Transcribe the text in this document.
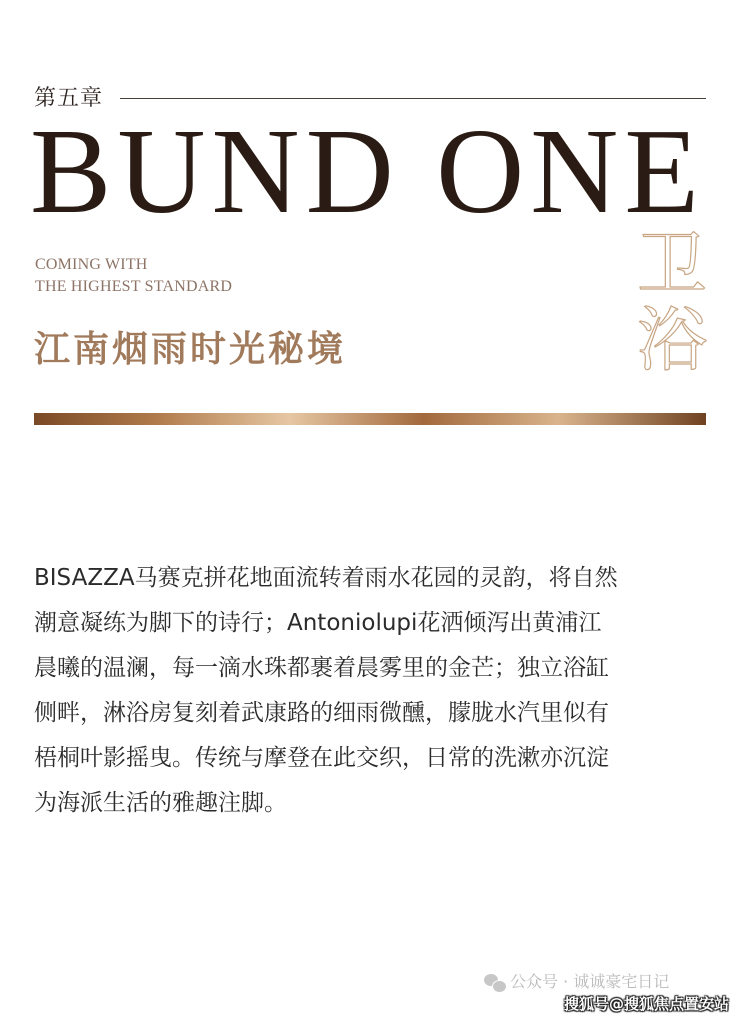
第五章
BUND ONE
COMING WITH
THE HIGHEST STANDARD
江南烟雨时光秘境
卫
浴
BISAZZA马赛克拼花地面流转着雨水花园的灵韵，将自然
潮意凝练为脚下的诗行；Antoniolupi花洒倾泻出黄浦江
晨曦的温澜，每一滴水珠都裹着晨雾里的金芒；独立浴缸
侧畔，淋浴房复刻着武康路的细雨微醺，朦胧水汽里似有
梧桐叶影摇曳。传统与摩登在此交织，日常的洗漱亦沉淀
为海派生活的雅趣注脚。
公众号 · 诚诚豪宅日记
搜狐号@搜狐焦点置安站
